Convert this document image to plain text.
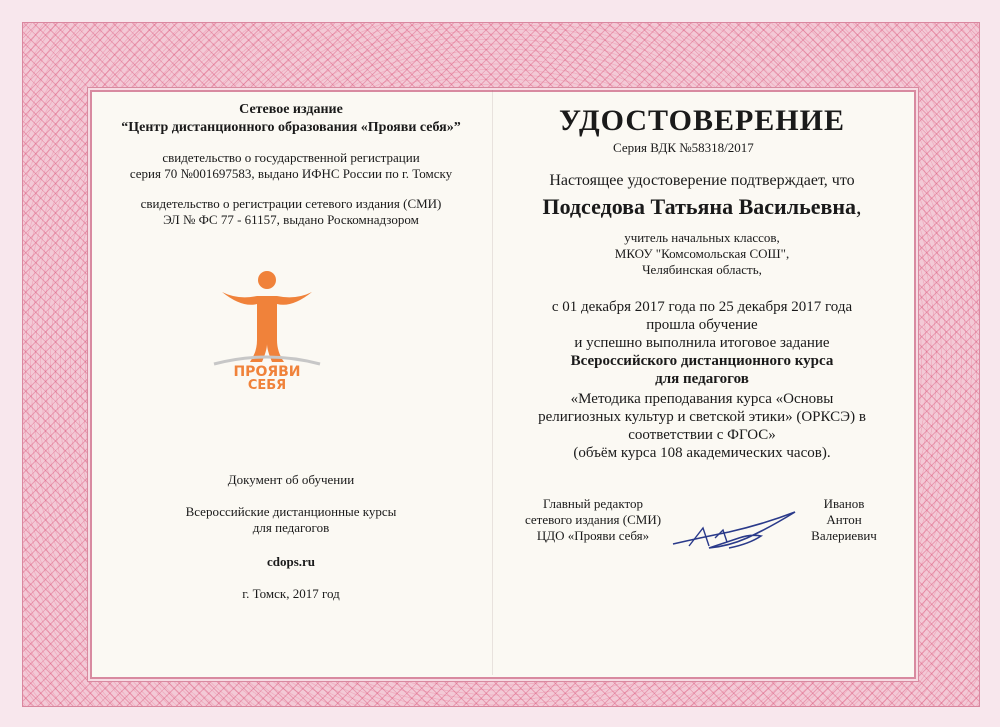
Сетевое издание
“Центр дистанционного образования «Прояви себя»”
свидетельство о государственной регистрации
серия 70 №001697583, выдано ИФНС России по г. Томску
свидетельство о регистрации сетевого издания (СМИ)
ЭЛ № ФС 77 - 61157, выдано Роскомнадзором
ПРОЯВИ
СЕБЯ
Документ об обучении
Всероссийские дистанционные курсы
для педагогов
cdops.ru
г. Томск, 2017 год
УДОСТОВЕРЕНИЕ
Серия ВДК №58318/2017
Настоящее удостоверение подтверждает, что
Подседова Татьяна Васильевна,
учитель начальных классов,
МКОУ "Комсомольская СОШ",
Челябинская область,
с 01 декабря 2017 года по 25 декабря 2017 года
прошла обучение
и успешно выполнила итоговое задание
Всероссийского дистанционного курса
для педагогов
«Методика преподавания курса «Основы
религиозных культур и светской этики» (ОРКСЭ) в
соответствии с ФГОС»
(объём курса 108 академических часов).
Главный редактор
сетевого издания (СМИ)
ЦДО «Прояви себя»
Иванов
Антон
Валериевич
